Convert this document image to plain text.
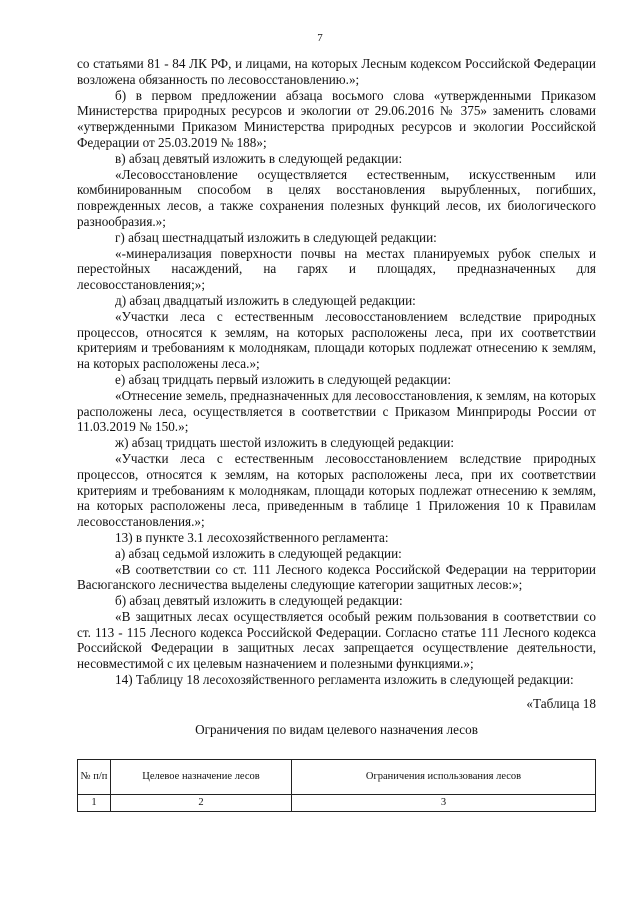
7

со статьями 81 - 84 ЛК РФ, и лицами, на которых Лесным кодексом Российской Федерации возложена обязанность по лесовосстановлению.»;

б) в первом предложении абзаца восьмого слова «утвержденными Приказом Министерства природных ресурсов и экологии от 29.06.2016 № 375» заменить словами «утвержденными Приказом Министерства природных ресурсов и экологии Российской Федерации от 25.03.2019 № 188»;

в) абзац девятый изложить в следующей редакции:

«Лесовосстановление осуществляется естественным, искусственным или комбинированным способом в целях восстановления вырубленных, погибших, поврежденных лесов, а также сохранения полезных функций лесов, их биологического разнообразия.»;

г) абзац шестнадцатый изложить в следующей редакции:

«-минерализация поверхности почвы на местах планируемых рубок спелых и перестойных насаждений, на гарях и площадях, предназначенных для лесовосстановления;»;

д) абзац двадцатый изложить в следующей редакции:

«Участки леса с естественным лесовосстановлением вследствие природных процессов, относятся к землям, на которых расположены леса, при их соответствии критериям и требованиям к молоднякам, площади которых подлежат отнесению к землям, на которых расположены леса.»;

е) абзац тридцать первый изложить в следующей редакции:

«Отнесение земель, предназначенных для лесовосстановления, к землям, на которых расположены леса, осуществляется в соответствии с Приказом Минприроды России от 11.03.2019 № 150.»;

ж) абзац тридцать шестой изложить в следующей редакции:

«Участки леса с естественным лесовосстановлением вследствие природных процессов, относятся к землям, на которых расположены леса, при их соответствии критериям и требованиям к молоднякам, площади которых подлежат отнесению к землям, на которых расположены леса, приведенным в таблице 1 Приложения 10 к Правилам лесовосстановления.»;

13) в пункте 3.1 лесохозяйственного регламента:

а) абзац седьмой изложить в следующей редакции:

«В соответствии со ст. 111 Лесного кодекса Российской Федерации на территории Васюганского лесничества выделены следующие категории защитных лесов:»;

б) абзац девятый изложить в следующей редакции:

«В защитных лесах осуществляется особый режим пользования в соответствии со ст. 113 - 115 Лесного кодекса Российской Федерации. Согласно статье 111 Лесного кодекса Российской Федерации в защитных лесах запрещается осуществление деятельности, несовместимой с их целевым назначением и полезными функциями.»;

14) Таблицу 18 лесохозяйственного регламента изложить в следующей редакции:

«Таблица 18

Ограничения по видам целевого назначения лесов

№ п/п	Целевое назначение лесов	Ограничения использования лесов
1	2	3
